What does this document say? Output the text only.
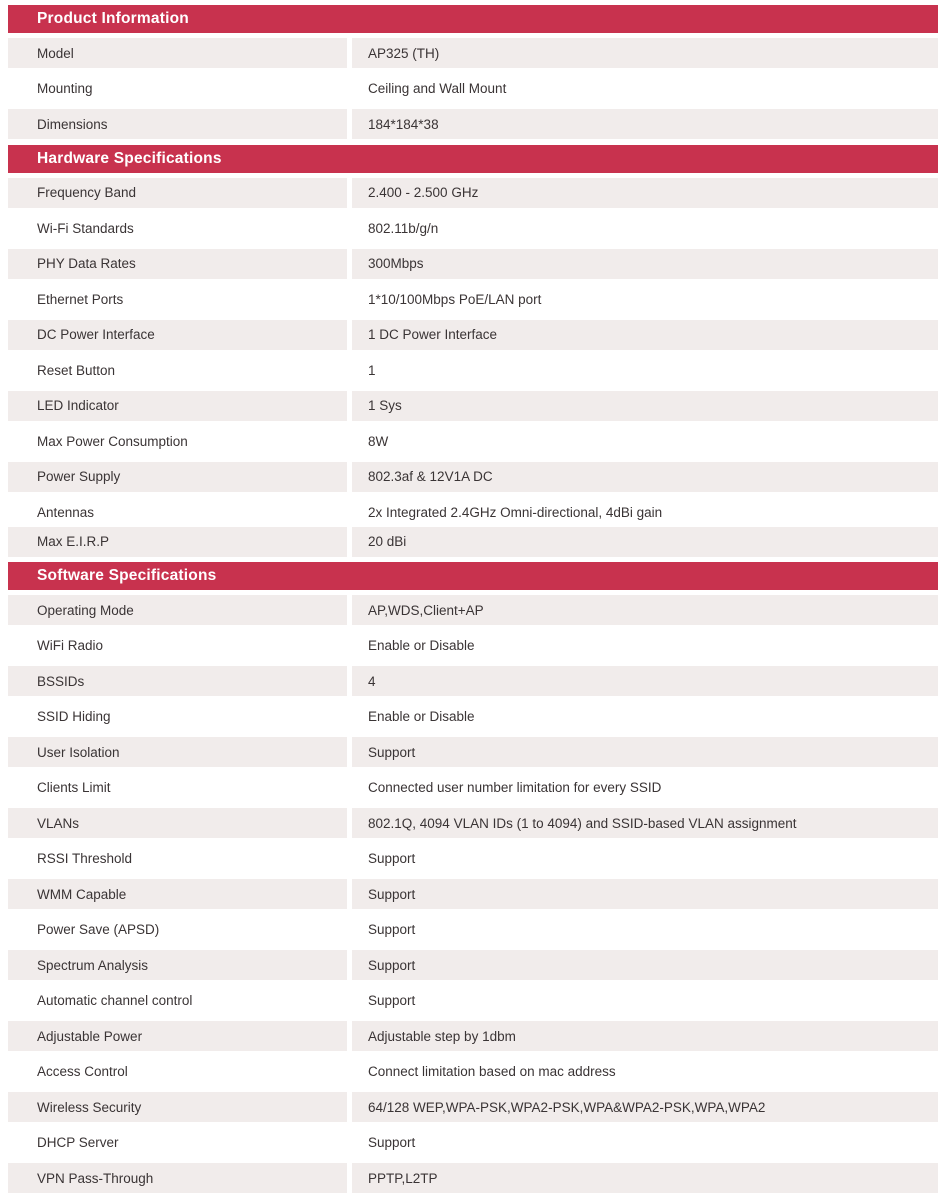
Product Information
Model	AP325 (TH)
Mounting	Ceiling and Wall Mount
Dimensions	184*184*38
Hardware Specifications
Frequency Band	2.400 - 2.500 GHz
Wi-Fi Standards	802.11b/g/n
PHY Data Rates	300Mbps
Ethernet Ports	1*10/100Mbps PoE/LAN port
DC Power Interface	1 DC Power Interface
Reset Button	1
LED Indicator	1 Sys
Max Power Consumption	8W
Power Supply	802.3af & 12V1A DC
Antennas	2x Integrated 2.4GHz Omni-directional, 4dBi gain
Max E.I.R.P	20 dBi
Software Specifications
Operating Mode	AP,WDS,Client+AP
WiFi Radio	Enable or Disable
BSSIDs	4
SSID Hiding	Enable or Disable
User Isolation	Support
Clients Limit	Connected user number limitation for every SSID
VLANs	802.1Q, 4094 VLAN IDs (1 to 4094) and SSID-based VLAN assignment
RSSI Threshold	Support
WMM Capable	Support
Power Save (APSD)	Support
Spectrum Analysis	Support
Automatic channel control	Support
Adjustable Power	Adjustable step by 1dbm
Access Control	Connect limitation based on mac address
Wireless Security	64/128 WEP,WPA-PSK,WPA2-PSK,WPA&WPA2-PSK,WPA,WPA2
DHCP Server	Support
VPN Pass-Through	PPTP,L2TP
